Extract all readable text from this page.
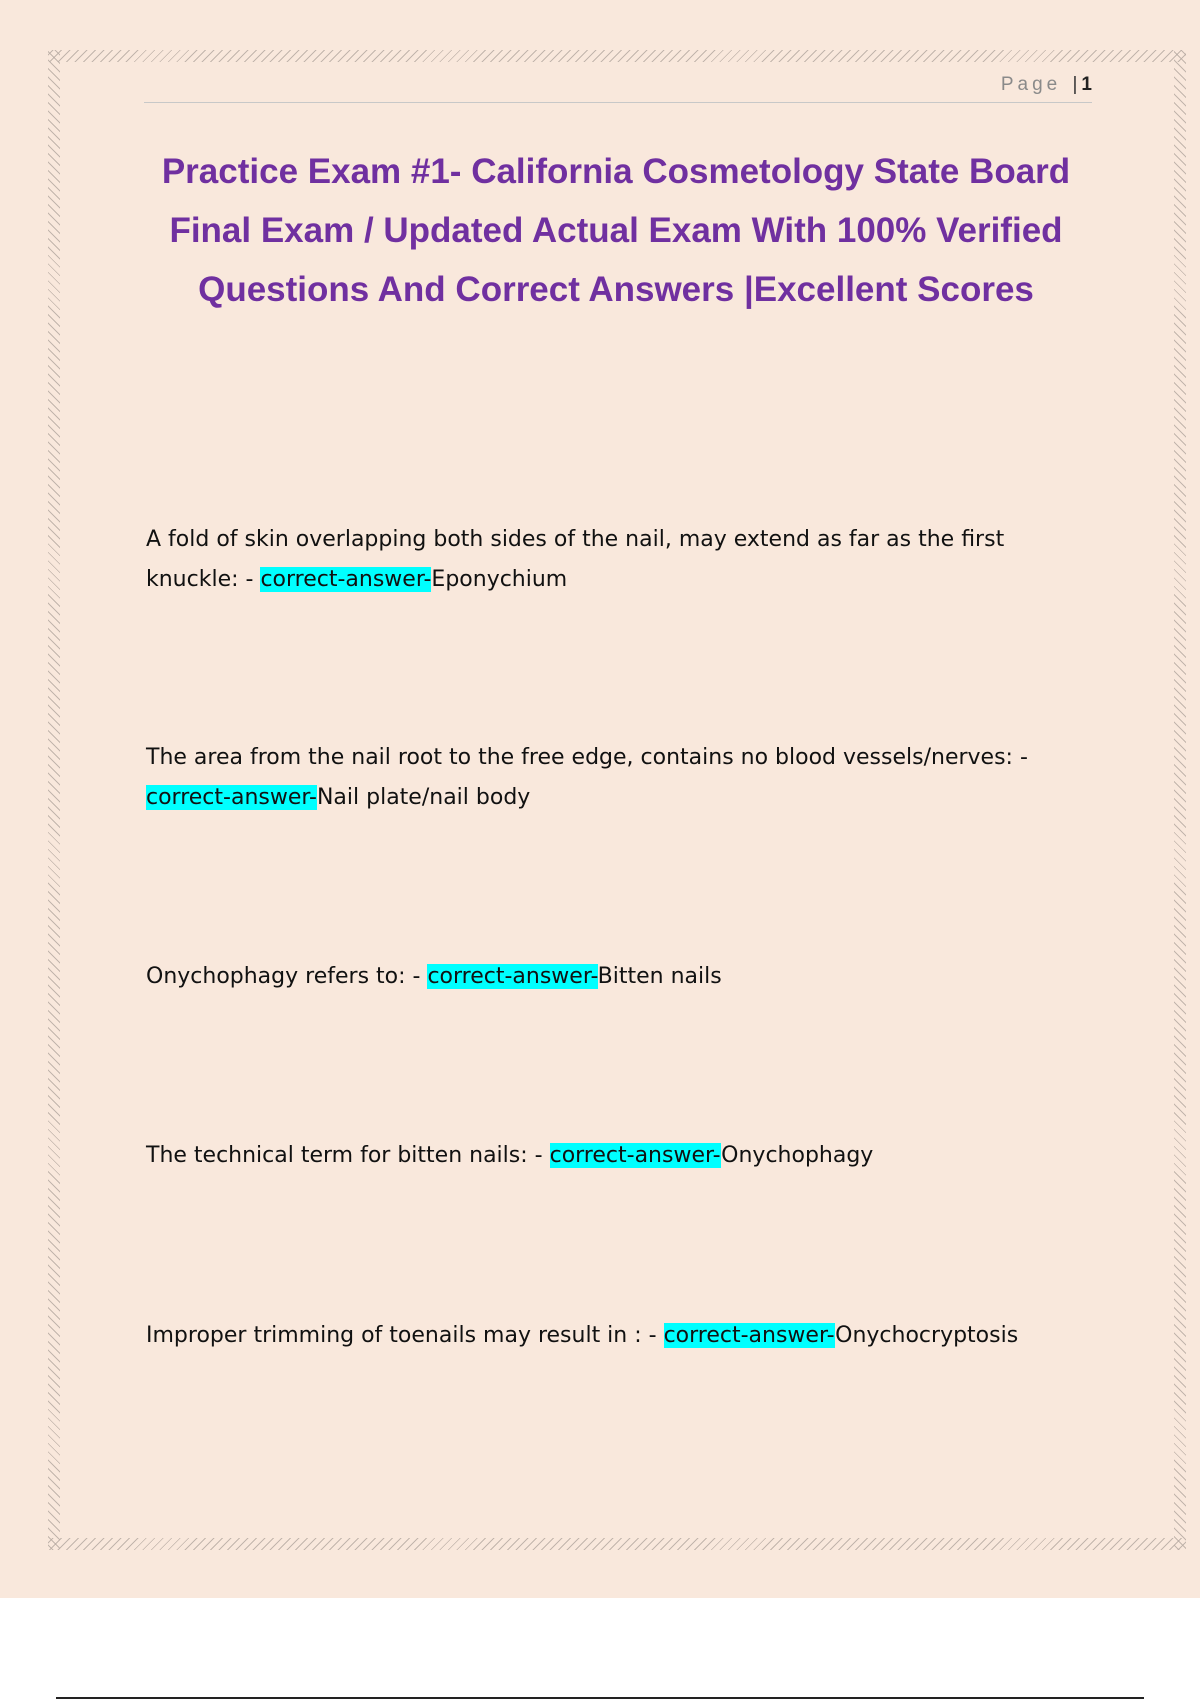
Page | 1
Practice Exam #1- California Cosmetology State Board Final Exam / Updated Actual Exam With 100% Verified Questions And Correct Answers |Excellent Scores

A fold of skin overlapping both sides of the nail, may extend as far as the first knuckle: - correct-answer-Eponychium

The area from the nail root to the free edge, contains no blood vessels/nerves: - correct-answer-Nail plate/nail body

Onychophagy refers to: - correct-answer-Bitten nails

The technical term for bitten nails: - correct-answer-Onychophagy

Improper trimming of toenails may result in : - correct-answer-Onychocryptosis
